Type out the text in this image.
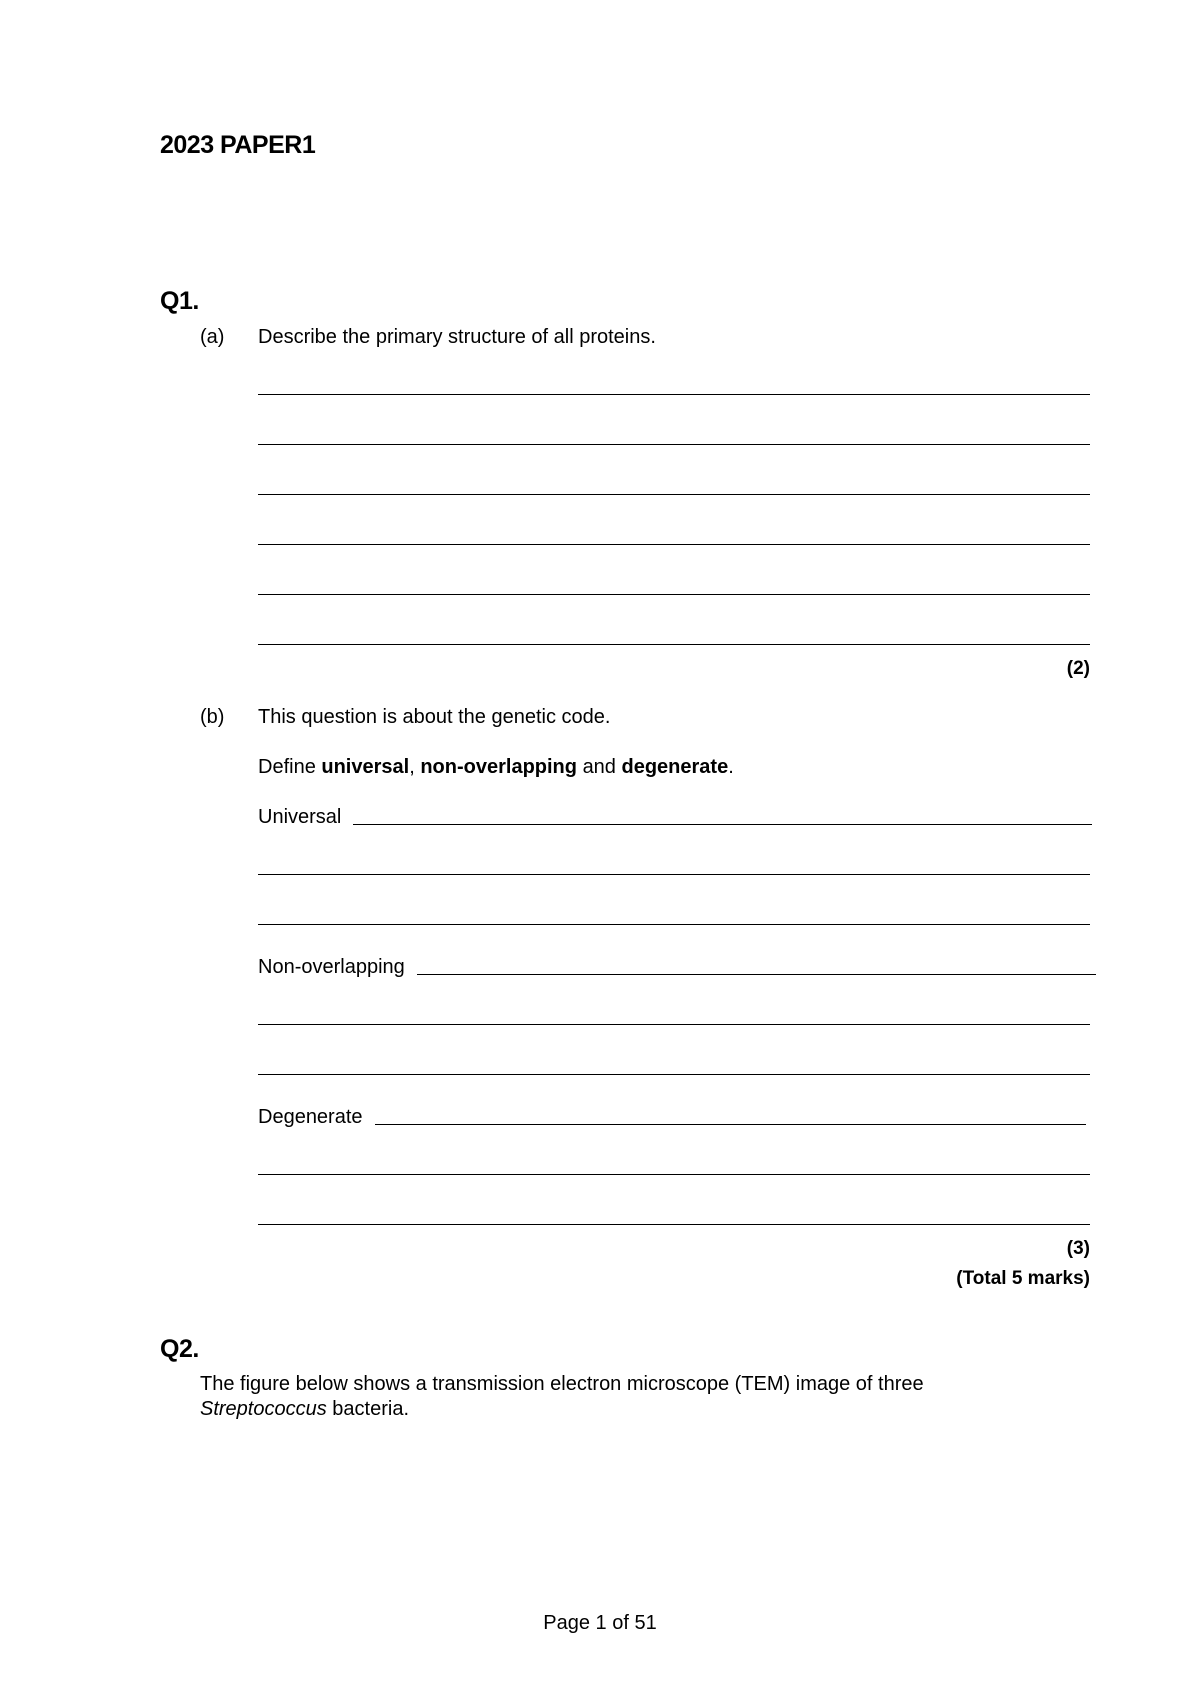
2023 PAPER1
Q1.
(a) Describe the primary structure of all proteins.
(2)
(b) This question is about the genetic code.
Define universal, non-overlapping and degenerate.
Universal
Non-overlapping
Degenerate
(3)
(Total 5 marks)
Q2.
The figure below shows a transmission electron microscope (TEM) image of three
Streptococcus bacteria.
Page 1 of 51
